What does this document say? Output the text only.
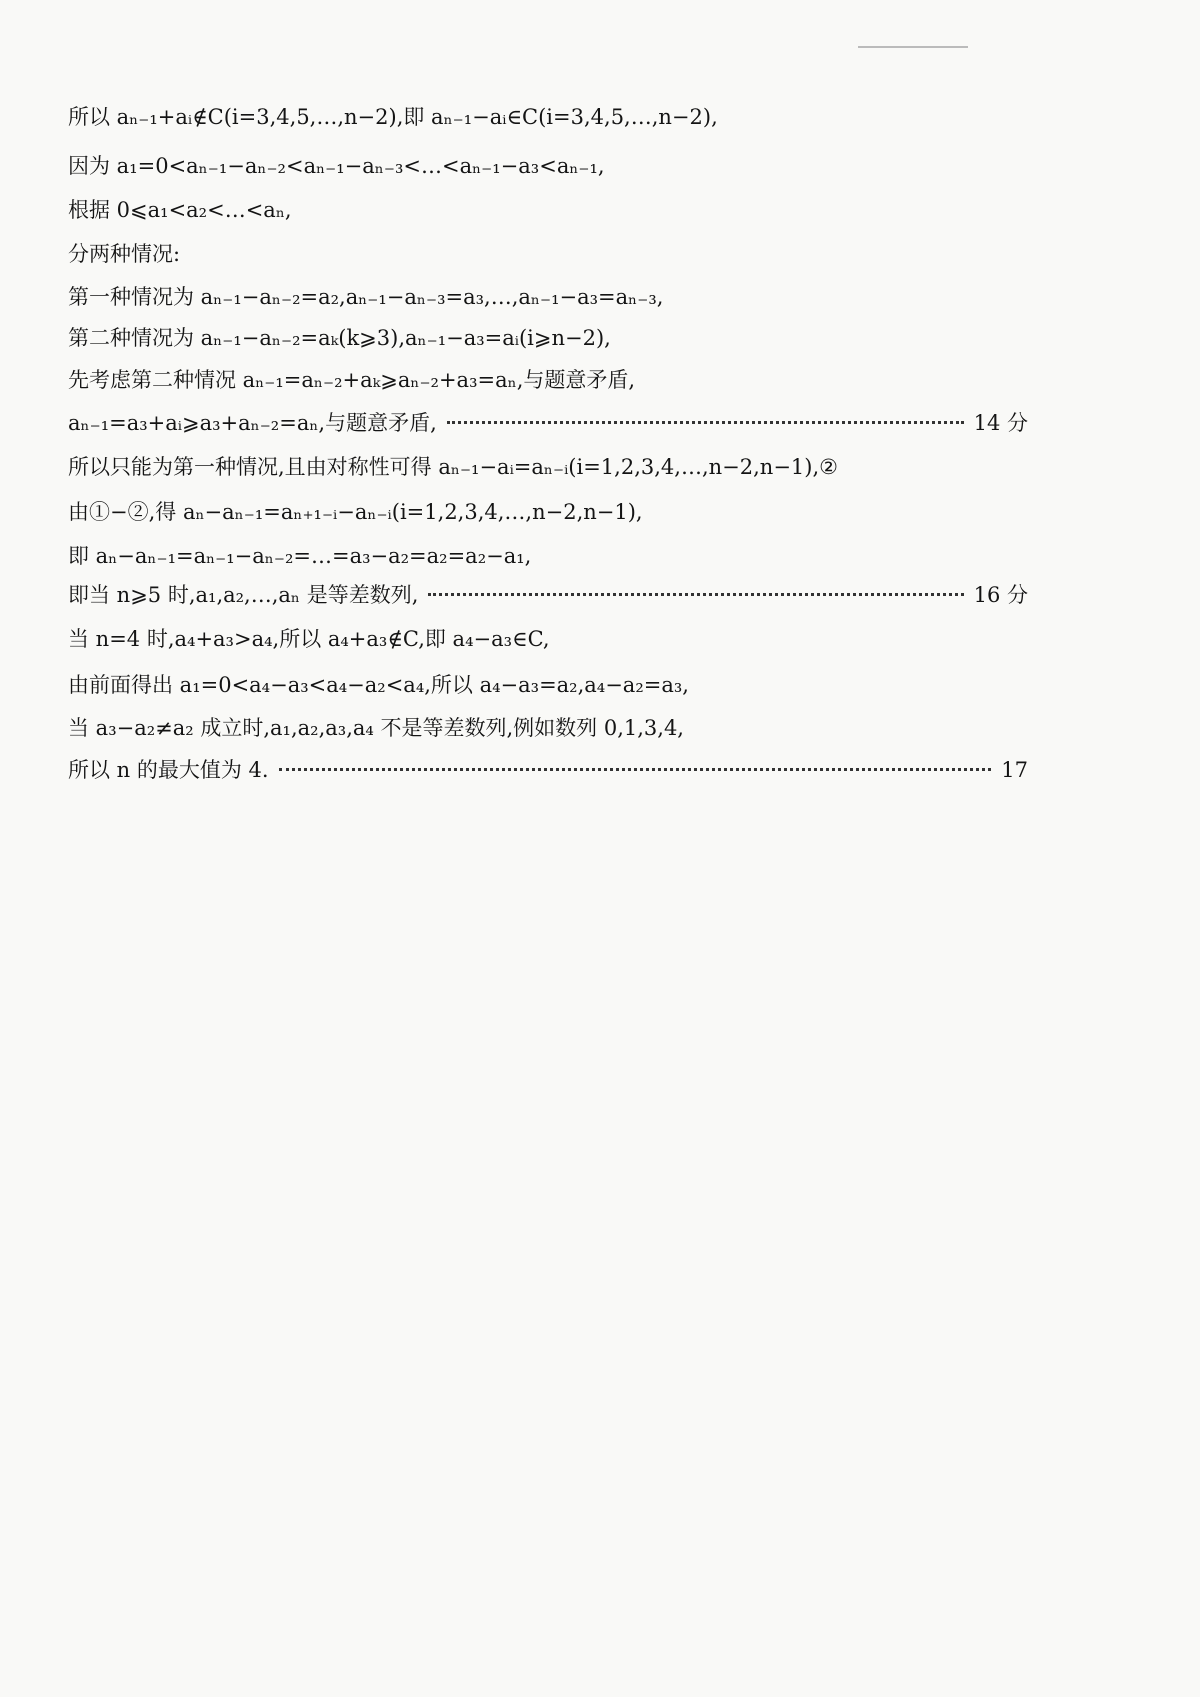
所以 aₙ₋₁+aᵢ∉C(i=3,4,5,…,n−2),即 aₙ₋₁−aᵢ∈C(i=3,4,5,…,n−2),
因为 a₁=0<aₙ₋₁−aₙ₋₂<aₙ₋₁−aₙ₋₃<…<aₙ₋₁−a₃<aₙ₋₁,
根据 0⩽a₁<a₂<…<aₙ,
分两种情况:
第一种情况为 aₙ₋₁−aₙ₋₂=a₂,aₙ₋₁−aₙ₋₃=a₃,…,aₙ₋₁−a₃=aₙ₋₃,
第二种情况为 aₙ₋₁−aₙ₋₂=aₖ(k⩾3),aₙ₋₁−a₃=aᵢ(i⩾n−2),
先考虑第二种情况 aₙ₋₁=aₙ₋₂+aₖ⩾aₙ₋₂+a₃=aₙ,与题意矛盾,
aₙ₋₁=a₃+aᵢ⩾a₃+aₙ₋₂=aₙ,与题意矛盾,	14 分
所以只能为第一种情况,且由对称性可得 aₙ₋₁−aᵢ=aₙ₋ᵢ(i=1,2,3,4,…,n−2,n−1),②
由①−②,得 aₙ−aₙ₋₁=aₙ₊₁₋ᵢ−aₙ₋ᵢ(i=1,2,3,4,…,n−2,n−1),
即 aₙ−aₙ₋₁=aₙ₋₁−aₙ₋₂=…=a₃−a₂=a₂=a₂−a₁,
即当 n⩾5 时,a₁,a₂,…,aₙ 是等差数列,	16 分
当 n=4 时,a₄+a₃>a₄,所以 a₄+a₃∉C,即 a₄−a₃∈C,
由前面得出 a₁=0<a₄−a₃<a₄−a₂<a₄,所以 a₄−a₃=a₂,a₄−a₂=a₃,
当 a₃−a₂≠a₂ 成立时,a₁,a₂,a₃,a₄ 不是等差数列,例如数列 0,1,3,4,
所以 n 的最大值为 4.	17
